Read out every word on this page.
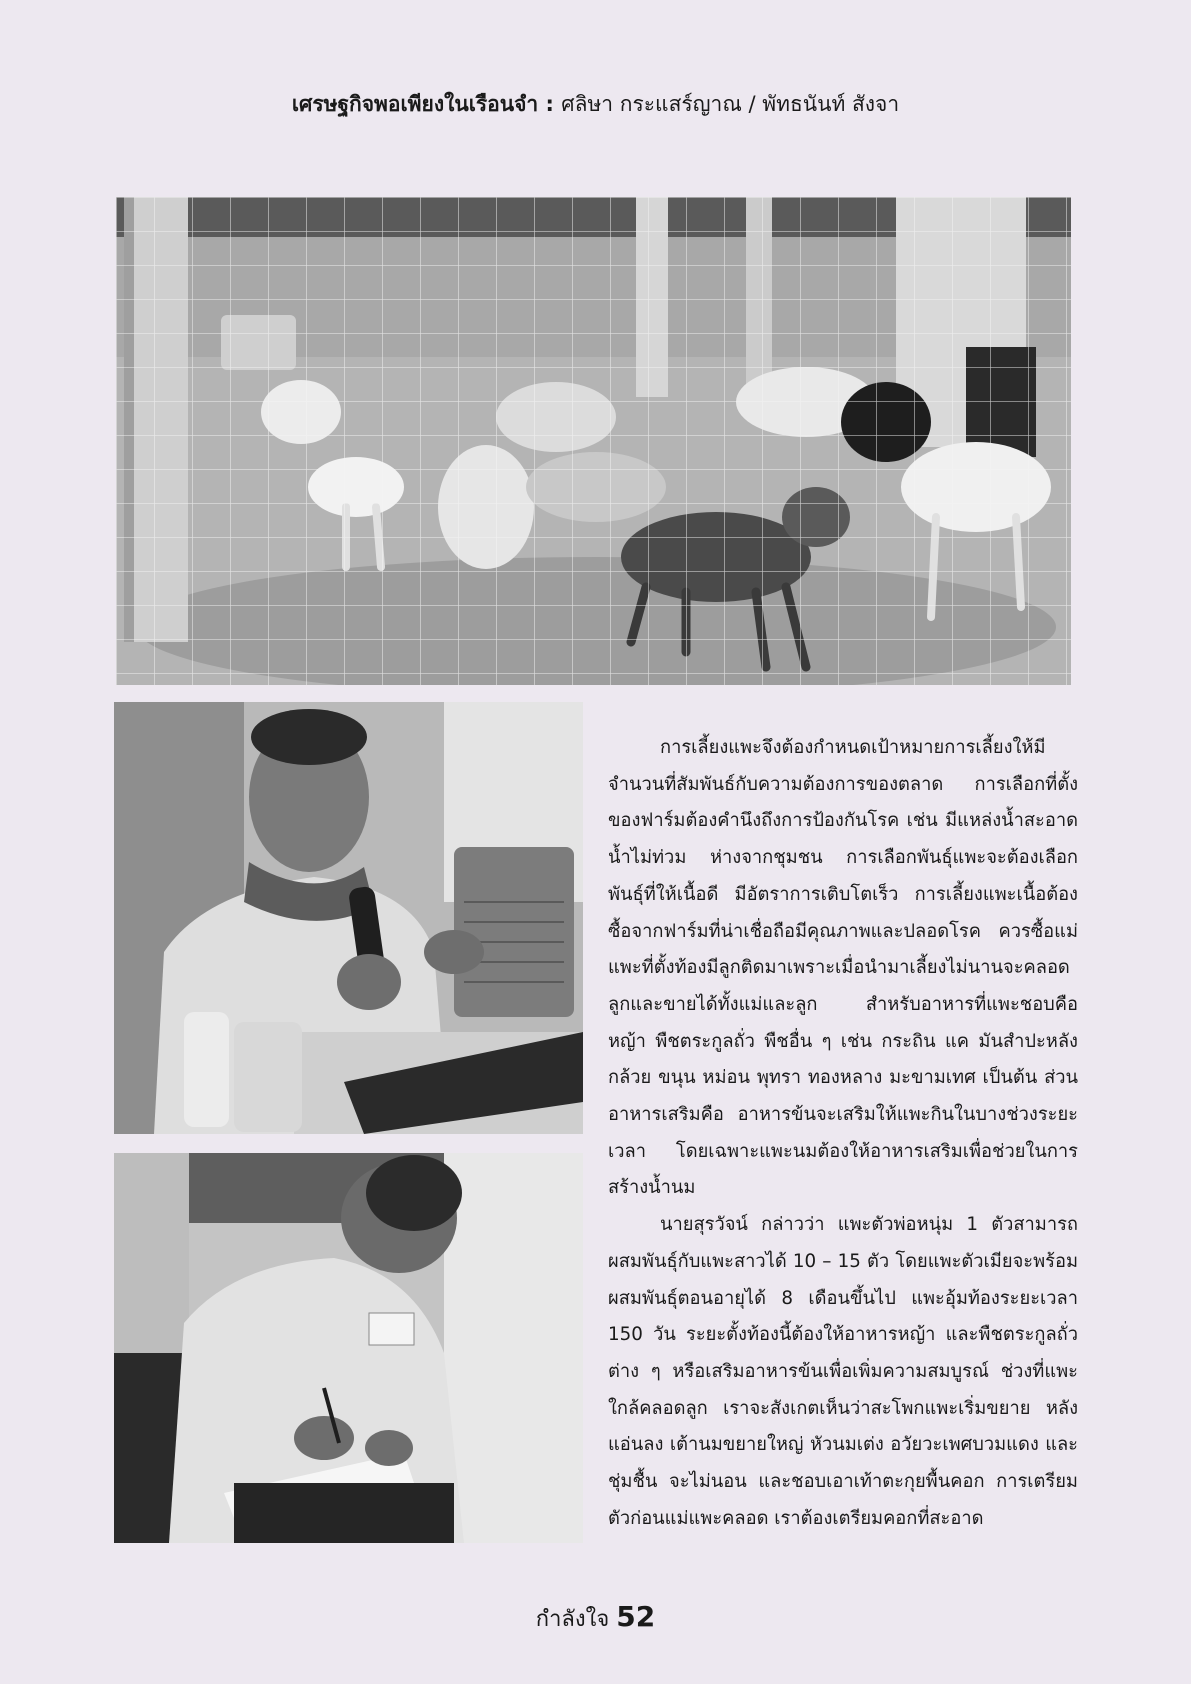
เศรษฐกิจพอเพียงในเรือนจำ : ศลิษา กระแสร์ญาณ / พัทธนันท์ สังจา

การเลี้ยงแพะจึงต้องกำหนดเป้าหมายการเลี้ยงให้มีจำนวนที่สัมพันธ์กับความต้องการของตลาด การเลือกที่ตั้งของฟาร์มต้องคำนึงถึงการป้องกันโรค เช่น มีแหล่งน้ำสะอาด น้ำไม่ท่วม ห่างจากชุมชน การเลือกพันธุ์แพะจะต้องเลือกพันธุ์ที่ให้เนื้อดี มีอัตราการเติบโตเร็ว การเลี้ยงแพะเนื้อต้องซื้อจากฟาร์มที่น่าเชื่อถือมีคุณภาพและปลอดโรค ควรซื้อแม่แพะที่ตั้งท้องมีลูกติดมาเพราะเมื่อนำมาเลี้ยงไม่นานจะคลอดลูกและขายได้ทั้งแม่และลูก สำหรับอาหารที่แพะชอบคือ หญ้า พืชตระกูลถั่ว พืชอื่น ๆ เช่น กระถิน แค มันสำปะหลัง กล้วย ขนุน หม่อน พุทรา ทองหลาง มะขามเทศ เป็นต้น ส่วนอาหารเสริมคือ อาหารข้นจะเสริมให้แพะกินในบางช่วงระยะเวลา โดยเฉพาะแพะนมต้องให้อาหารเสริมเพื่อช่วยในการสร้างน้ำนม

นายสุรวัจน์ กล่าวว่า แพะตัวพ่อหนุ่ม 1 ตัวสามารถผสมพันธุ์กับแพะสาวได้ 10 – 15 ตัว โดยแพะตัวเมียจะพร้อมผสมพันธุ์ตอนอายุได้ 8 เดือนขึ้นไป แพะอุ้มท้องระยะเวลา 150 วัน ระยะตั้งท้องนี้ต้องให้อาหารหญ้า และพืชตระกูลถั่ว ต่าง ๆ หรือเสริมอาหารข้นเพื่อเพิ่มความสมบูรณ์ ช่วงที่แพะใกล้คลอดลูก เราจะสังเกตเห็นว่าสะโพกแพะเริ่มขยาย หลังแอ่นลง เต้านมขยายใหญ่ หัวนมเต่ง อวัยวะเพศบวมแดง และชุ่มชื้น จะไม่นอน และชอบเอาเท้าตะกุยพื้นคอก การเตรียมตัวก่อนแม่แพะคลอด เราต้องเตรียมคอกที่สะอาด

กำลังใจ 52
